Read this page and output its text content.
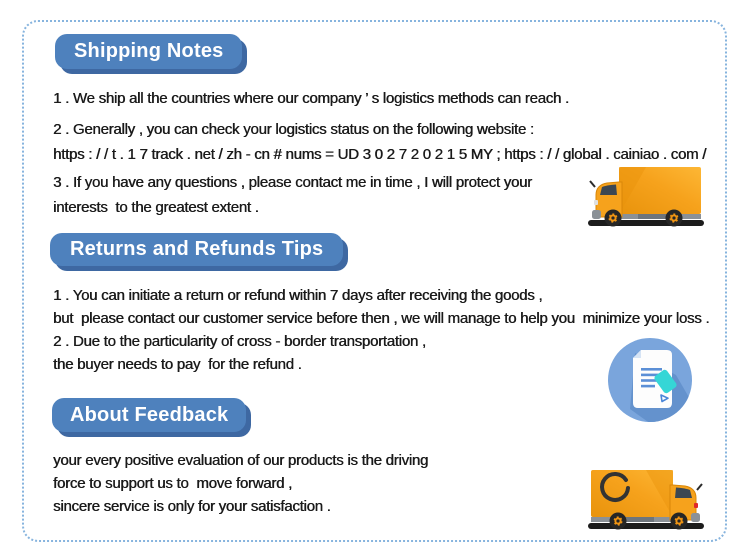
Shipping Notes
1 . We ship all the countries where our company ’ s logistics methods can reach .
2 . Generally , you can check your logistics status on the following website :
https : / / t . 1 7 track . net / zh - cn # nums = UD 3 0 2 7 2 0 2 1 5 MY ; https : / / global . cainiao . com /
3 . If you have any questions , please contact me in time , I will protect your
interests  to the greatest extent .
Returns and Refunds Tips
1 . You can initiate a return or refund within 7 days after receiving the goods ,
but  please contact our customer service before then , we will manage to help you  minimize your loss .
2 . Due to the particularity of cross - border transportation ,
the buyer needs to pay  for the refund .
About Feedback
your every positive evaluation of our products is the driving
force to support us to  move forward ,
sincere service is only for your satisfaction .
